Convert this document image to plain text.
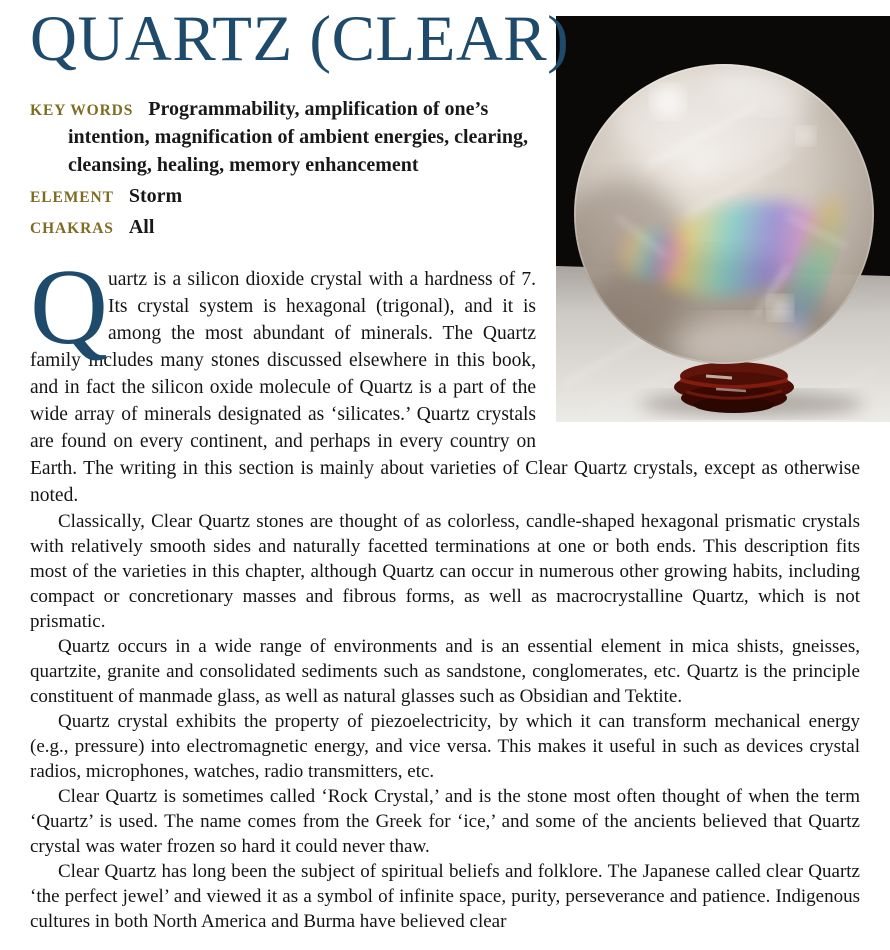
QUARTZ (CLEAR)
KEY WORDS Programmability, amplification of one’s intention, magnification of ambient energies, clearing, cleansing, healing, memory enhancement
ELEMENT Storm
CHAKRAS All

Quartz is a silicon dioxide crystal with a hardness of 7. Its crystal system is hexagonal (trigonal), and it is among the most abundant of minerals. The Quartz family includes many stones discussed elsewhere in this book, and in fact the silicon oxide molecule of Quartz is a part of the wide array of minerals designated as ‘silicates.’ Quartz crystals are found on every continent, and perhaps in every country on Earth. The writing in this section is mainly about varieties of Clear Quartz crystals, except as otherwise noted.

Classically, Clear Quartz stones are thought of as colorless, candle-shaped hexagonal prismatic crystals with relatively smooth sides and naturally facetted terminations at one or both ends. This description fits most of the varieties in this chapter, although Quartz can occur in numerous other growing habits, including compact or concretionary masses and fibrous forms, as well as macrocrystalline Quartz, which is not prismatic.

Quartz occurs in a wide range of environments and is an essential element in mica shists, gneisses, quartzite, granite and consolidated sediments such as sandstone, conglomerates, etc. Quartz is the principle constituent of manmade glass, as well as natural glasses such as Obsidian and Tektite.

Quartz crystal exhibits the property of piezoelectricity, by which it can transform mechanical energy (e.g., pressure) into electromagnetic energy, and vice versa. This makes it useful in such as devices crystal radios, microphones, watches, radio transmitters, etc.

Clear Quartz is sometimes called ‘Rock Crystal,’ and is the stone most often thought of when the term ‘Quartz’ is used. The name comes from the Greek for ‘ice,’ and some of the ancients believed that Quartz crystal was water frozen so hard it could never thaw.

Clear Quartz has long been the subject of spiritual beliefs and folklore. The Japanese called clear Quartz ‘the perfect jewel’ and viewed it as a symbol of infinite space, purity, perseverance and patience. Indigenous cultures in both North America and Burma have believed clear
